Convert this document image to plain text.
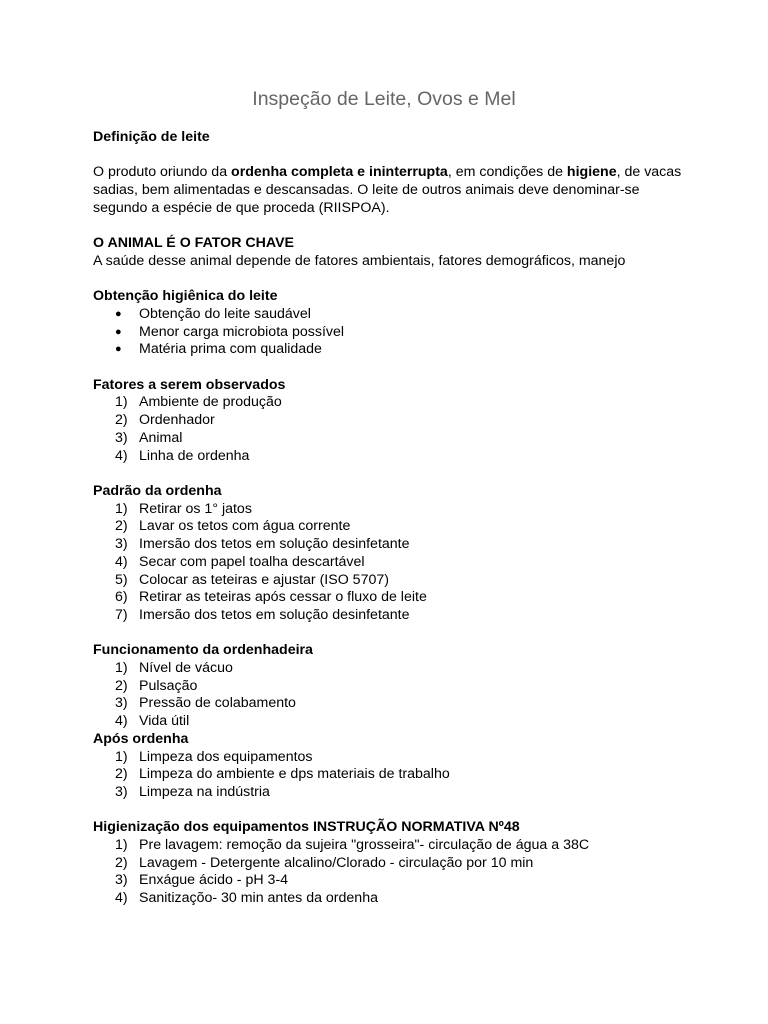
Inspeção de Leite, Ovos e Mel

Definição de leite

O produto oriundo da ordenha completa e ininterrupta, em condições de higiene, de vacas sadias, bem alimentadas e descansadas. O leite de outros animais deve denominar-se segundo a espécie de que proceda (RIISPOA).

O ANIMAL É O FATOR CHAVE

A saúde desse animal depende de fatores ambientais, fatores demográficos, manejo

Obtenção higiênica do leite

● Obtenção do leite saudável
● Menor carga microbiota possível
● Matéria prima com qualidade

Fatores a serem observados

1) Ambiente de produção
2) Ordenhador
3) Animal
4) Linha de ordenha

Padrão da ordenha

1) Retirar os 1° jatos
2) Lavar os tetos com água corrente
3) Imersão dos tetos em solução desinfetante
4) Secar com papel toalha descartável
5) Colocar as teteiras e ajustar (ISO 5707)
6) Retirar as teteiras após cessar o fluxo de leite
7) Imersão dos tetos em solução desinfetante

Funcionamento da ordenhadeira

1) Nível de vácuo
2) Pulsação
3) Pressão de colabamento
4) Vida útil

Após ordenha

1) Limpeza dos equipamentos
2) Limpeza do ambiente e dps materiais de trabalho
3) Limpeza na indústria

Higienização dos equipamentos INSTRUÇÃO NORMATIVA Nº48

1) Pre lavagem: remoção da sujeira "grosseira"- circulação de água a 38C
2) Lavagem - Detergente alcalino/Clorado - circulação por 10 min
3) Enxágue ácido - pH 3-4
4) Sanitizaçõo- 30 min antes da ordenha
